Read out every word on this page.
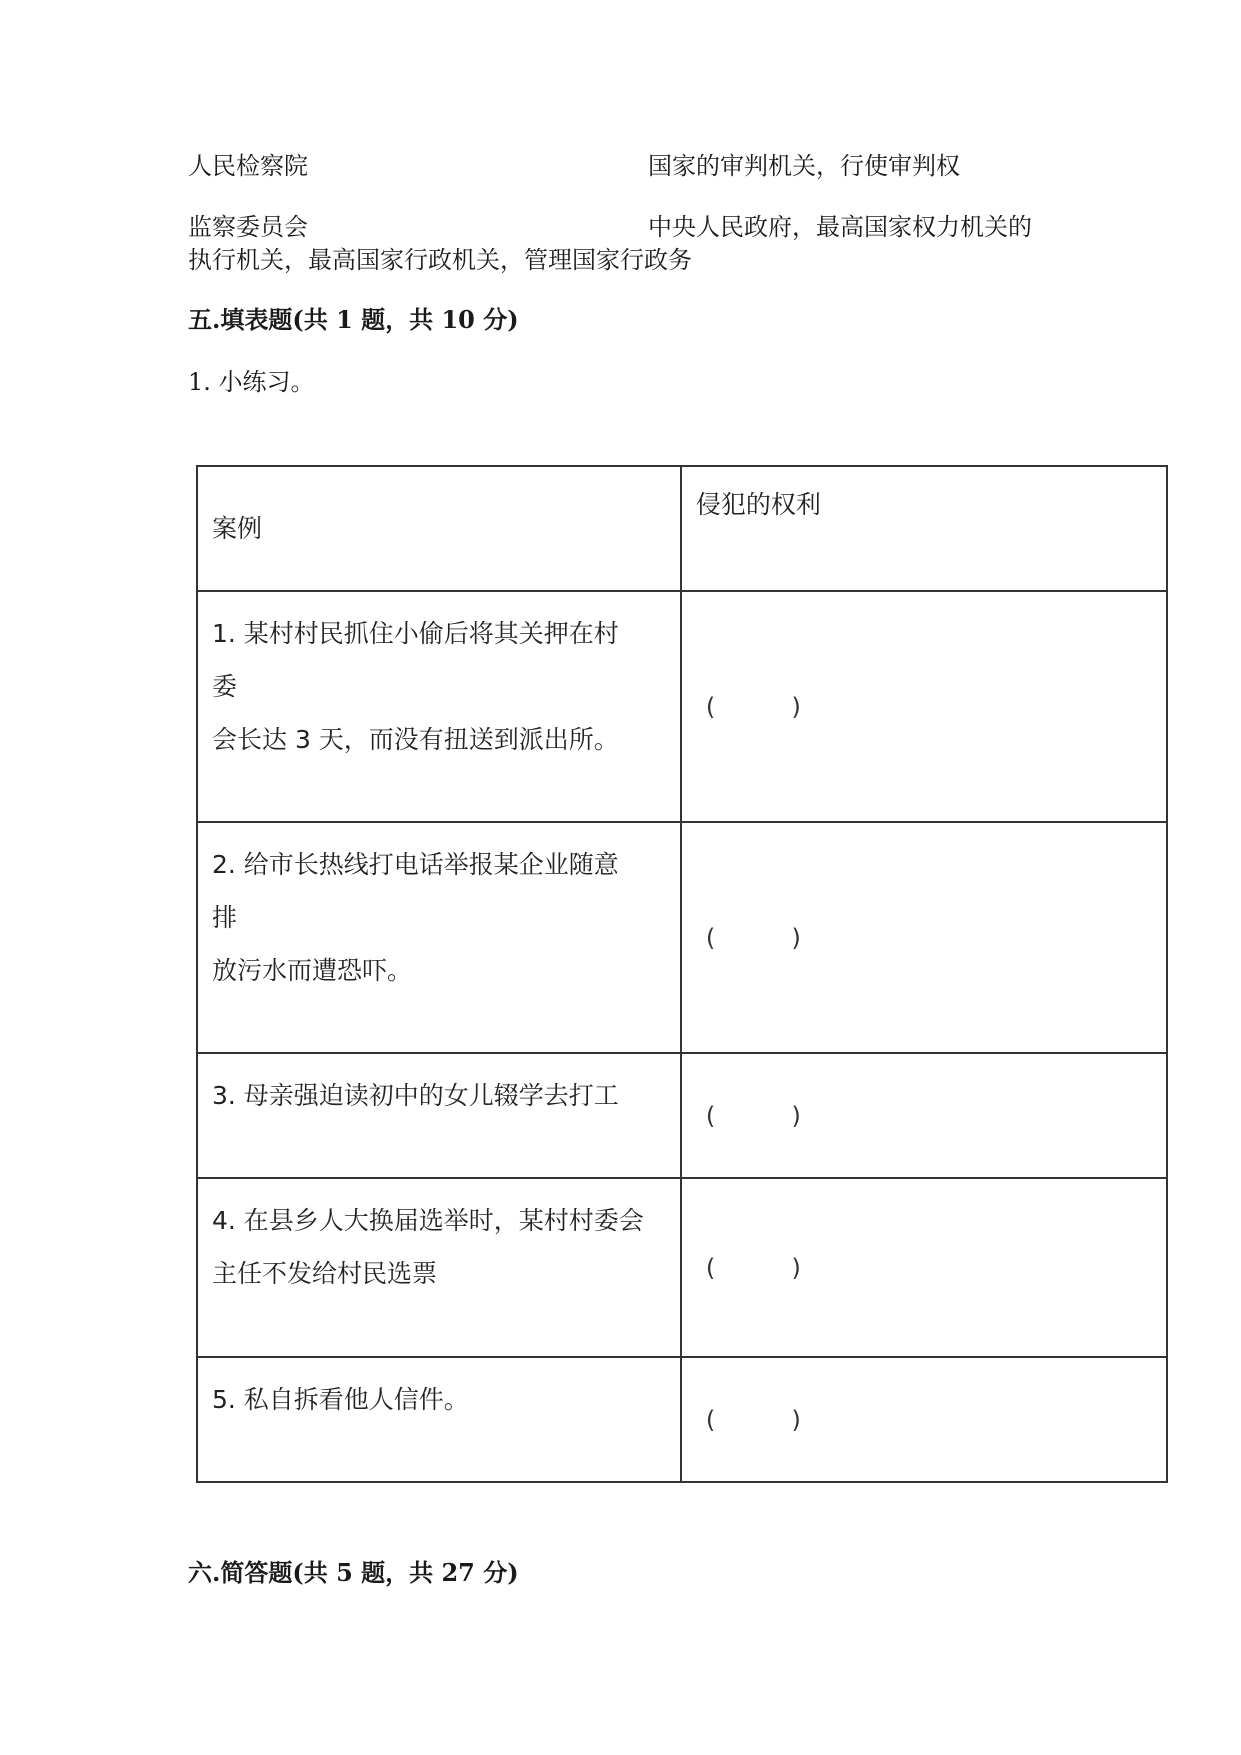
人民检察院	国家的审判机关，行使审判权
监察委员会	中央人民政府，最高国家权力机关的
执行机关，最高国家行政机关，管理国家行政务
五.填表题(共 1 题，共 10 分)
1. 小练习。
案例	侵犯的权利

1. 某村村民抓住小偷后将其关押在村
委
会长达 3 天，而没有扭送到派出所。	(          )

2. 给市长热线打电话举报某企业随意
排
放污水而遭恐吓。	(          )

3. 母亲强迫读初中的女儿辍学去打工	(          )

4. 在县乡人大换届选举时，某村村委会
主任不发给村民选票	(          )

5. 私自拆看他人信件。	(          )
六.简答题(共 5 题，共 27 分)
